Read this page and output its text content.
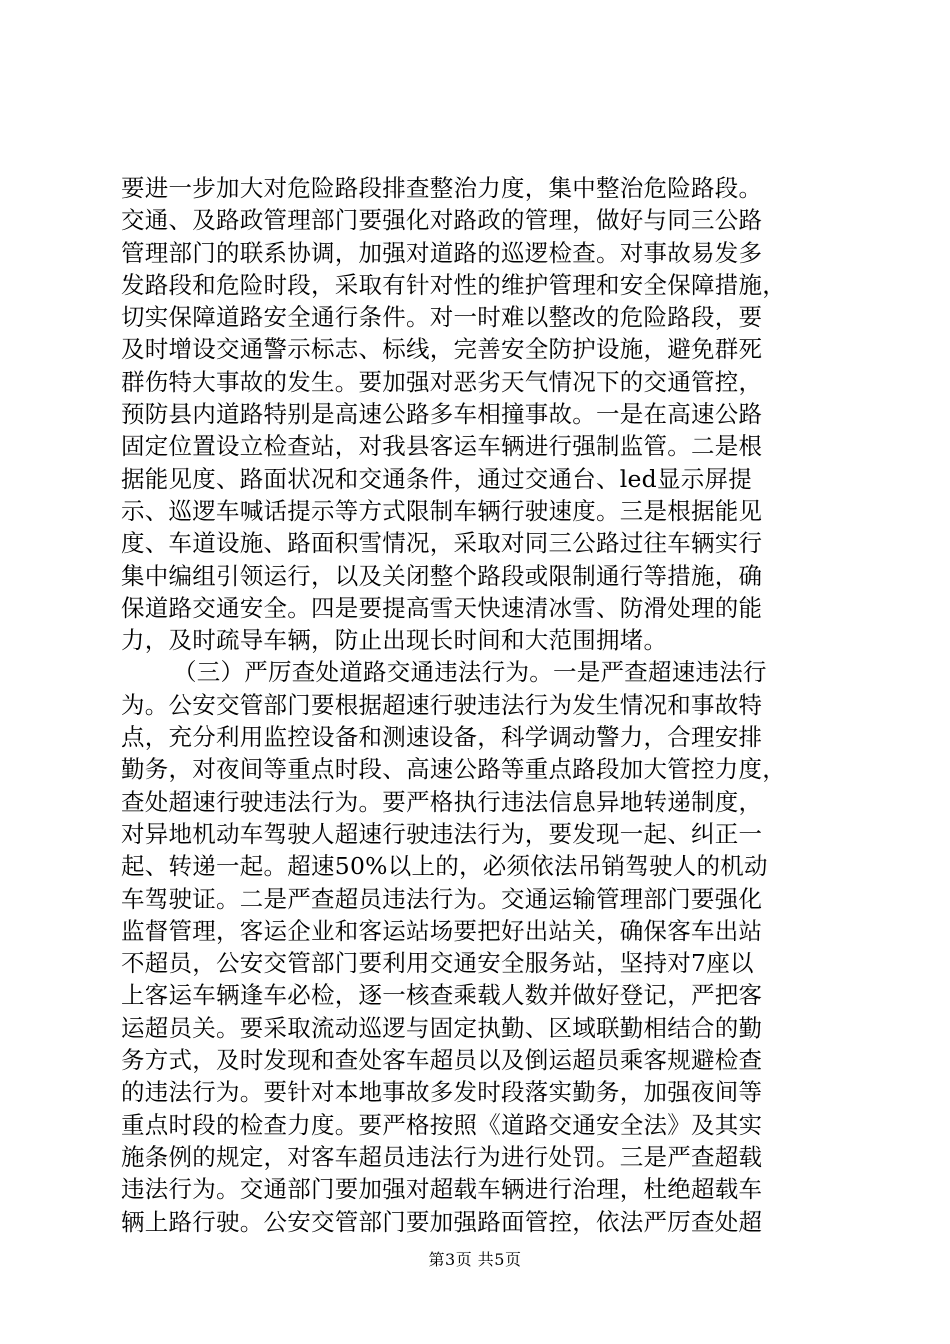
要进一步加大对危险路段排查整治力度，集中整治危险路段。
交通、及路政管理部门要强化对路政的管理，做好与同三公路
管理部门的联系协调，加强对道路的巡逻检查。对事故易发多
发路段和危险时段，采取有针对性的维护管理和安全保障措施，
切实保障道路安全通行条件。对一时难以整改的危险路段，要
及时增设交通警示标志、标线，完善安全防护设施，避免群死
群伤特大事故的发生。要加强对恶劣天气情况下的交通管控，
预防县内道路特别是高速公路多车相撞事故。一是在高速公路
固定位置设立检查站，对我县客运车辆进行强制监管。二是根
据能见度、路面状况和交通条件，通过交通台、led显示屏提
示、巡逻车喊话提示等方式限制车辆行驶速度。三是根据能见
度、车道设施、路面积雪情况，采取对同三公路过往车辆实行
集中编组引领运行，以及关闭整个路段或限制通行等措施，确
保道路交通安全。四是要提高雪天快速清冰雪、防滑处理的能
力，及时疏导车辆，防止出现长时间和大范围拥堵。
（三）严厉查处道路交通违法行为。一是严查超速违法行
为。公安交管部门要根据超速行驶违法行为发生情况和事故特
点，充分利用监控设备和测速设备，科学调动警力，合理安排
勤务，对夜间等重点时段、高速公路等重点路段加大管控力度，
查处超速行驶违法行为。要严格执行违法信息异地转递制度，
对异地机动车驾驶人超速行驶违法行为，要发现一起、纠正一
起、转递一起。超速50%以上的，必须依法吊销驾驶人的机动
车驾驶证。二是严查超员违法行为。交通运输管理部门要强化
监督管理，客运企业和客运站场要把好出站关，确保客车出站
不超员，公安交管部门要利用交通安全服务站，坚持对7座以
上客运车辆逢车必检，逐一核查乘载人数并做好登记，严把客
运超员关。要采取流动巡逻与固定执勤、区域联勤相结合的勤
务方式，及时发现和查处客车超员以及倒运超员乘客规避检查
的违法行为。要针对本地事故多发时段落实勤务，加强夜间等
重点时段的检查力度。要严格按照《道路交通安全法》及其实
施条例的规定，对客车超员违法行为进行处罚。三是严查超载
违法行为。交通部门要加强对超载车辆进行治理，杜绝超载车
辆上路行驶。公安交管部门要加强路面管控，依法严厉查处超
第3页 共5页
